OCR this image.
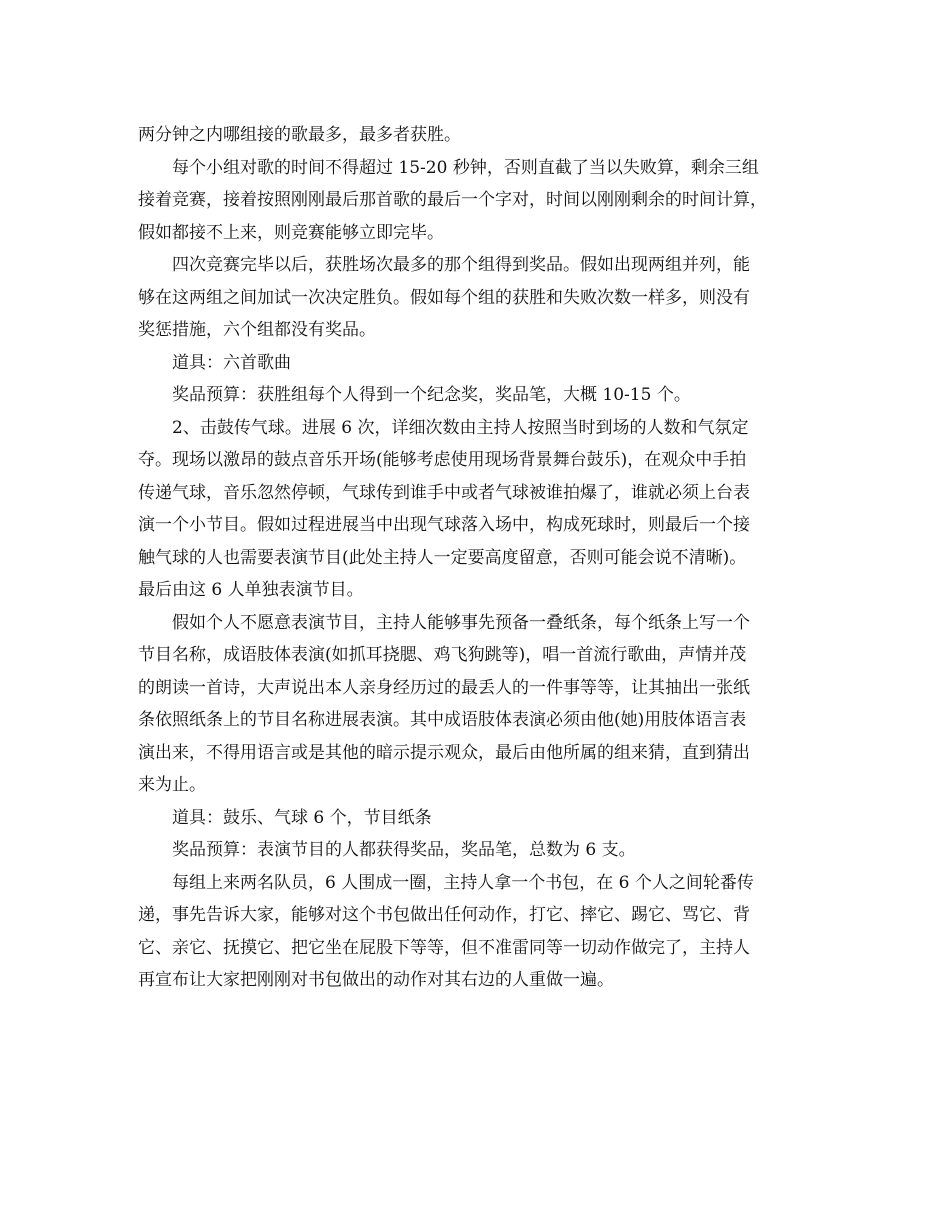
两分钟之内哪组接的歌最多，最多者获胜。

每个小组对歌的时间不得超过 15-20 秒钟，否则直截了当以失败算，剩余三组
接着竞赛，接着按照刚刚最后那首歌的最后一个字对，时间以刚刚剩余的时间计算，
假如都接不上来，则竞赛能够立即完毕。

四次竞赛完毕以后，获胜场次最多的那个组得到奖品。假如出现两组并列，能
够在这两组之间加试一次决定胜负。假如每个组的获胜和失败次数一样多，则没有
奖惩措施，六个组都没有奖品。

道具：六首歌曲

奖品预算：获胜组每个人得到一个纪念奖，奖品笔，大概 10-15 个。

2、击鼓传气球。进展 6 次，详细次数由主持人按照当时到场的人数和气氛定
夺。现场以激昂的鼓点音乐开场(能够考虑使用现场背景舞台鼓乐)，在观众中手拍
传递气球，音乐忽然停顿，气球传到谁手中或者气球被谁拍爆了，谁就必须上台表
演一个小节目。假如过程进展当中出现气球落入场中，构成死球时，则最后一个接
触气球的人也需要表演节目(此处主持人一定要高度留意，否则可能会说不清晰)。
最后由这 6 人单独表演节目。

假如个人不愿意表演节目，主持人能够事先预备一叠纸条，每个纸条上写一个
节目名称，成语肢体表演(如抓耳挠腮、鸡飞狗跳等)，唱一首流行歌曲，声情并茂
的朗读一首诗，大声说出本人亲身经历过的最丢人的一件事等等，让其抽出一张纸
条依照纸条上的节目名称进展表演。其中成语肢体表演必须由他(她)用肢体语言表
演出来，不得用语言或是其他的暗示提示观众，最后由他所属的组来猜，直到猜出
来为止。

道具：鼓乐、气球 6 个，节目纸条

奖品预算：表演节目的人都获得奖品，奖品笔，总数为 6 支。

每组上来两名队员，6 人围成一圈，主持人拿一个书包，在 6 个人之间轮番传
递，事先告诉大家，能够对这个书包做出任何动作，打它、摔它、踢它、骂它、背
它、亲它、抚摸它、把它坐在屁股下等等，但不准雷同等一切动作做完了，主持人
再宣布让大家把刚刚对书包做出的动作对其右边的人重做一遍。
